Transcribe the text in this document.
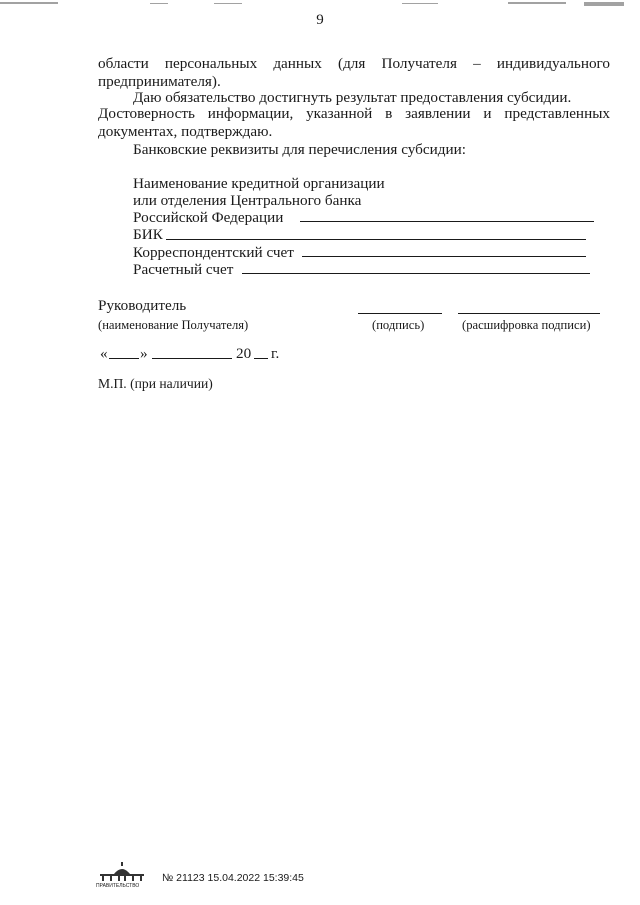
9
области персональных данных (для Получателя – индивидуального
предпринимателя).
Даю обязательство достигнуть результат предоставления субсидии.
Достоверность информации, указанной в заявлении и представленных
документах, подтверждаю.
Банковские реквизиты для перечисления субсидии:
Наименование кредитной организации
или отделения Центрального банка
Российской Федерации
БИК
Корреспондентский счет
Расчетный счет
Руководитель
(наименование Получателя)	(подпись)	(расшифровка подписи)
« »	20 г.
М.П. (при наличии)
ПРАВИТЕЛЬСТВО
№ 21123 15.04.2022 15:39:45
